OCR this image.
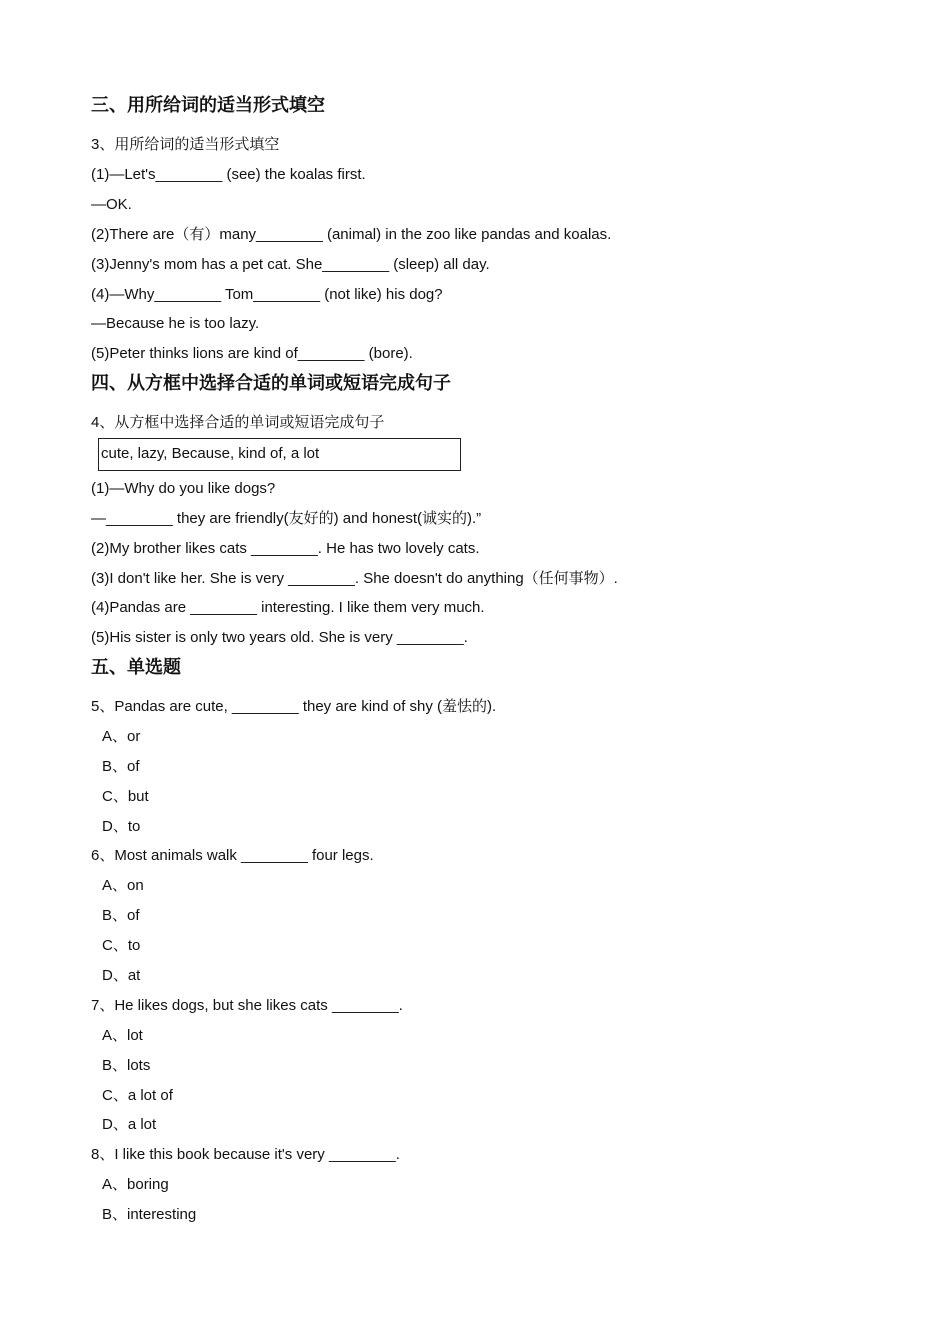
三、用所给词的适当形式填空
3、用所给词的适当形式填空
(1)—Let's________ (see) the koalas first.
—OK.
(2)There are（有）many________ (animal) in the zoo like pandas and koalas.
(3)Jenny's mom has a pet cat. She________ (sleep) all day.
(4)—Why________ Tom________ (not like) his dog?
—Because he is too lazy.
(5)Peter thinks lions are kind of________ (bore).
四、从方框中选择合适的单词或短语完成句子
4、从方框中选择合适的单词或短语完成句子
cute, lazy, Because, kind of, a lot
(1)—Why do you like dogs?
—________ they are friendly(友好的) and honest(诚实的).”
(2)My brother likes cats ________. He has two lovely cats.
(3)I don't like her. She is very ________. She doesn't do anything（任何事物）.
(4)Pandas are ________ interesting. I like them very much.
(5)His sister is only two years old. She is very ________.
五、单选题
5、Pandas are cute, ________ they are kind of shy (羞怯的).
A、or
B、of
C、but
D、to
6、Most animals walk ________ four legs.
A、on
B、of
C、to
D、at
7、He likes dogs, but she likes cats ________.
A、lot
B、lots
C、a lot of
D、a lot
8、I like this book because it's very ________.
A、boring
B、interesting
